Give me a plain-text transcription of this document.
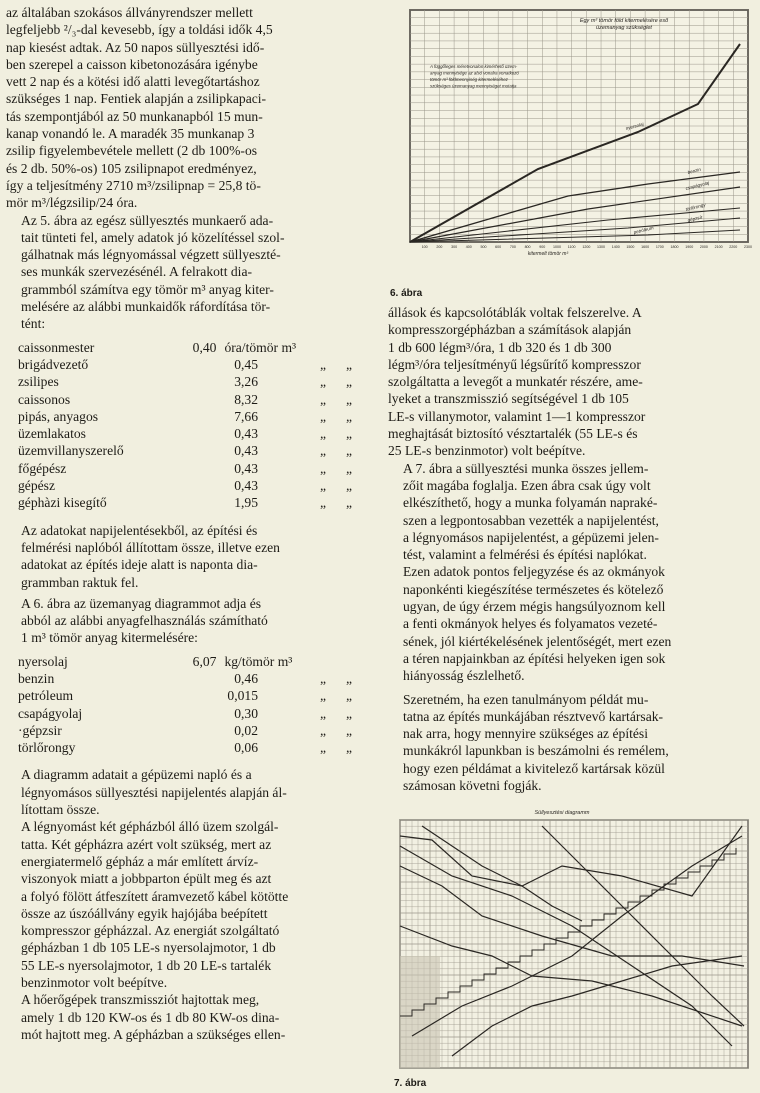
az általában szokásos állványrendszer mellett
legfeljebb ²/₃-dal kevesebb, így a toldási idők 4,5
nap kiesést adtak. Az 50 napos süllyesztési idő-
ben szerepel a caisson kibetonozására igénybe
vett 2 nap és a kötési idő alatti levegőtartáshoz
szükséges 1 nap. Fentiek alapján a zsilipkapaci-
tás szempontjából az 50 munkanapból 15 mun-
kanap vonandó le. A maradék 35 munkanap 3
zsilip figyelembevétele mellett (2 db 100%-os
és 2 db. 50%-os) 105 zsilipnapot eredményez,
így a teljesítmény 2710 m³/zsilipnap = 25,8 tö-
mör m³/légzsilip/24 óra.

Az 5. ábra az egész süllyesztés munkaerő ada-
tait tünteti fel, amely adatok jó közelítéssel szol-
gálhatnak más légnyomással végzett süllyeszté-
ses munkák szervezésénél. A felrakott dia-
grammból számítva egy tömör m³ anyag kiter-
melésére az alábbi munkaidők ráfordítása tör-
tént:

caissonmester	0,40 óra/tömör m³
brigádvezető	0,45	„	„
zsilipes	3,26	„	„
caissonos	8,32	„	„
pipás, anyagos	7,66	„	„
üzemlakatos	0,43	„	„
üzemvillanyszerelő	0,43	„	„
főgépész	0,43	„	„
gépész	0,43	„	„
géphàzi kisegítő	1,95	„	„

Az adatokat napijelentésekből, az építési és
felmérési naplóból állítottam össze, illetve ezen
adatokat az építés ideje alatt is naponta dia-
grammban raktuk fel.

A 6. ábra az üzemanyag diagrammot adja és
abból az alábbi anyagfelhasználás számítható
1 m³ tömör anyag kitermelésére:

nyersolaj	6,07 kg/tömör m³
benzin	0,46	„	„
petróleum	0,015	„	„
csapágyolaj	0,30	„	„
·gépzsir	0,02	„	„
törlőrongy	0,06	„	„

A diagramm adatait a gépüzemi napló és a
légnyomásos süllyesztési napijelentés alapján ál-
lítottam össze.

A légnyomást két gépházból álló üzem szolgál-
tatta. Két gépházra azért volt szükség, mert az
energiatermelő gépház a már említett árvíz-
viszonyok miatt a jobbparton épült meg és azt
a folyó fölött átfeszített áramvezető kábel kötötte
össze az úszóállvány egyik hajójába beépített
kompresszor gépházzal. Az energiát szolgáltató
gépházban 1 db 105 LE-s nyersolajmotor, 1 db
55 LE-s nyersolajmotor, 1 db 20 LE-s tartalék
benzinmotor volt beépítve.

A hőerőgépek transzmissziót hajtottak meg,
amely 1 db 120 KW-os és 1 db 80 KW-os dina-
mót hajtott meg. A gépházban a szükséges ellen-

Egy m³ tömör föld kitermelésére eső
üzemanyag szükséglet
A függőleges méretvonalon kimérhető üzem-
anyag mennyisége az alsó vonalra vonatkozó
tömör m³ földmennyiség kitermeléséhez
szükséges üzemanyag mennyiséget mutatja
nyersolaj
benzin
csapágyolaj
törlőrongy
gépzsír
petróleum
100 200 300 400 500 600 700 800 900 1000 1100 1200 1300 1400 1500 1600 1700 1800 1900 2000 2100 2200 2300
kitermelt tömör m³
6. ábra

állások és kapcsolótáblák voltak felszerelve. A
kompresszorgépházban a számítások alapján
1 db 600 légm³/óra, 1 db 320 és 1 db 300
légm³/óra teljesítményű légsűrítő kompresszor
szolgáltatta a levegőt a munkatér részére, ame-
lyeket a transzmisszió segítségével 1 db 105
LE-s villanymotor, valamint 1—1 kompresszor
meghajtását biztosító vésztartalék (55 LE-s és
25 LE-s benzinmotor) volt beépítve.

A 7. ábra a süllyesztési munka összes jellem-
zőit magába foglalja. Ezen ábra csak úgy volt
elkészíthető, hogy a munka folyamán napraké-
szen a legpontosabban vezették a napijelentést,
a légnyomásos napijelentést, a gépüzemi jelen-
tést, valamint a felmérési és építési naplókat.
Ezen adatok pontos feljegyzése és az okmányok
naponkénti kiegészítése természetes és kötelező
ugyan, de úgy érzem mégis hangsúlyoznom kell
a fenti okmányok helyes és folyamatos vezeté-
sének, jól kiértékelésének jelentőségét, mert ezen
a téren napjainkban az építési helyeken igen sok
hiányosság észlelhető.

Szeretném, ha ezen tanulmányom példát mu-
tatna az építés munkájában résztvevő kartársak-
nak arra, hogy mennyire szükséges az építési
munkákról lapunkban is beszámolni és remélem,
hogy ezen példámat a kivitelező kartársak közül
számosan követni fogják.

Süllyesztési diagramm
7. ábra
